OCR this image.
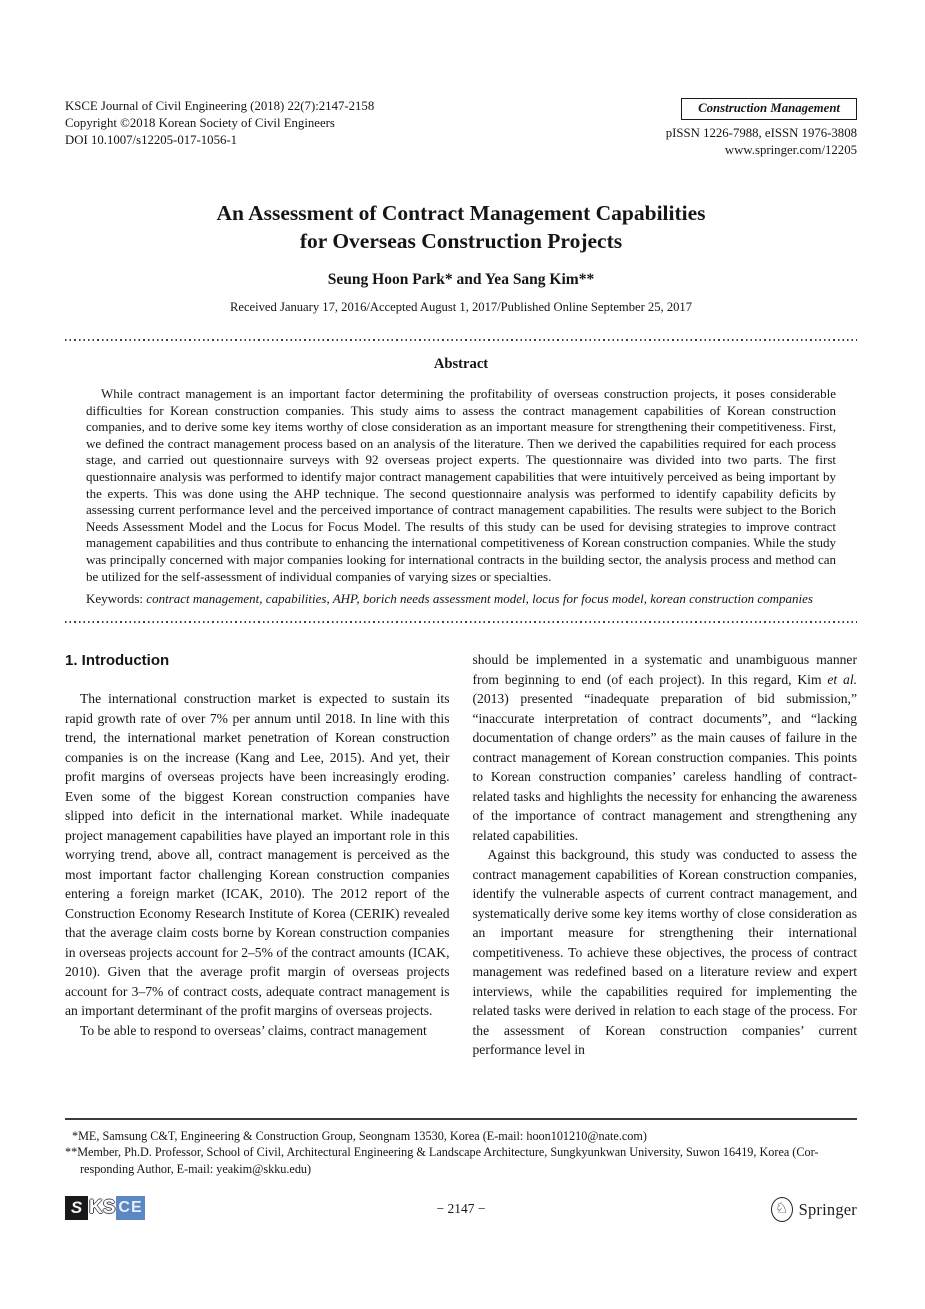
KSCE Journal of Civil Engineering (2018) 22(7):2147-2158
Copyright ©2018 Korean Society of Civil Engineers
DOI 10.1007/s12205-017-1056-1
Construction Management
pISSN 1226-7988, eISSN 1976-3808
www.springer.com/12205
An Assessment of Contract Management Capabilities
for Overseas Construction Projects
Seung Hoon Park* and Yea Sang Kim**
Received January 17, 2016/Accepted August 1, 2017/Published Online September 25, 2017
Abstract
While contract management is an important factor determining the profitability of overseas construction projects, it poses considerable difficulties for Korean construction companies. This study aims to assess the contract management capabilities of Korean construction companies, and to derive some key items worthy of close consideration as an important measure for strengthening their competitiveness. First, we defined the contract management process based on an analysis of the literature. Then we derived the capabilities required for each process stage, and carried out questionnaire surveys with 92 overseas project experts. The questionnaire was divided into two parts. The first questionnaire analysis was performed to identify major contract management capabilities that were intuitively perceived as being important by the experts. This was done using the AHP technique. The second questionnaire analysis was performed to identify capability deficits by assessing current performance level and the perceived importance of contract management capabilities. The results were subject to the Borich Needs Assessment Model and the Locus for Focus Model. The results of this study can be used for devising strategies to improve contract management capabilities and thus contribute to enhancing the international competitiveness of Korean construction companies. While the study was principally concerned with major companies looking for international contracts in the building sector, the analysis process and method can be utilized for the self-assessment of individual companies of varying sizes or specialties.
Keywords: contract management, capabilities, AHP, borich needs assessment model, locus for focus model, korean construction companies
1. Introduction

The international construction market is expected to sustain its rapid growth rate of over 7% per annum until 2018. In line with this trend, the international market penetration of Korean construction companies is on the increase (Kang and Lee, 2015). And yet, their profit margins of overseas projects have been increasingly eroding. Even some of the biggest Korean construction companies have slipped into deficit in the international market. While inadequate project management capabilities have played an important role in this worrying trend, above all, contract management is perceived as the most important factor challenging Korean construction companies entering a foreign market (ICAK, 2010). The 2012 report of the Construction Economy Research Institute of Korea (CERIK) revealed that the average claim costs borne by Korean construction companies in overseas projects account for 2–5% of the contract amounts (ICAK, 2010). Given that the average profit margin of overseas projects account for 3–7% of contract costs, adequate contract management is an important determinant of the profit margins of overseas projects.

To be able to respond to overseas’ claims, contract management

should be implemented in a systematic and unambiguous manner from beginning to end (of each project). In this regard, Kim et al. (2013) presented “inadequate preparation of bid submission,” “inaccurate interpretation of contract documents”, and “lacking documentation of change orders” as the main causes of failure in the contract management of Korean construction companies. This points to Korean construction companies’ careless handling of contract-related tasks and highlights the necessity for enhancing the awareness of the importance of contract management and strengthening any related capabilities.

Against this background, this study was conducted to assess the contract management capabilities of Korean construction companies, identify the vulnerable aspects of current contract management, and systematically derive some key items worthy of close consideration as an important measure for strengthening their international competitiveness. To achieve these objectives, the process of contract management was redefined based on a literature review and expert interviews, while the capabilities required for implementing the related tasks were derived in relation to each stage of the process. For the assessment of Korean construction companies’ current performance level in

*ME, Samsung C&T, Engineering & Construction Group, Seongnam 13530, Korea (E-mail: hoon101210@nate.com)
**Member, Ph.D. Professor, School of Civil, Architectural Engineering & Landscape Architecture, Sungkyunkwan University, Suwon 16419, Korea (Cor-
responding Author, E-mail: yeakim@skku.edu)
S KS CE	− 2147 −	♘ Springer
